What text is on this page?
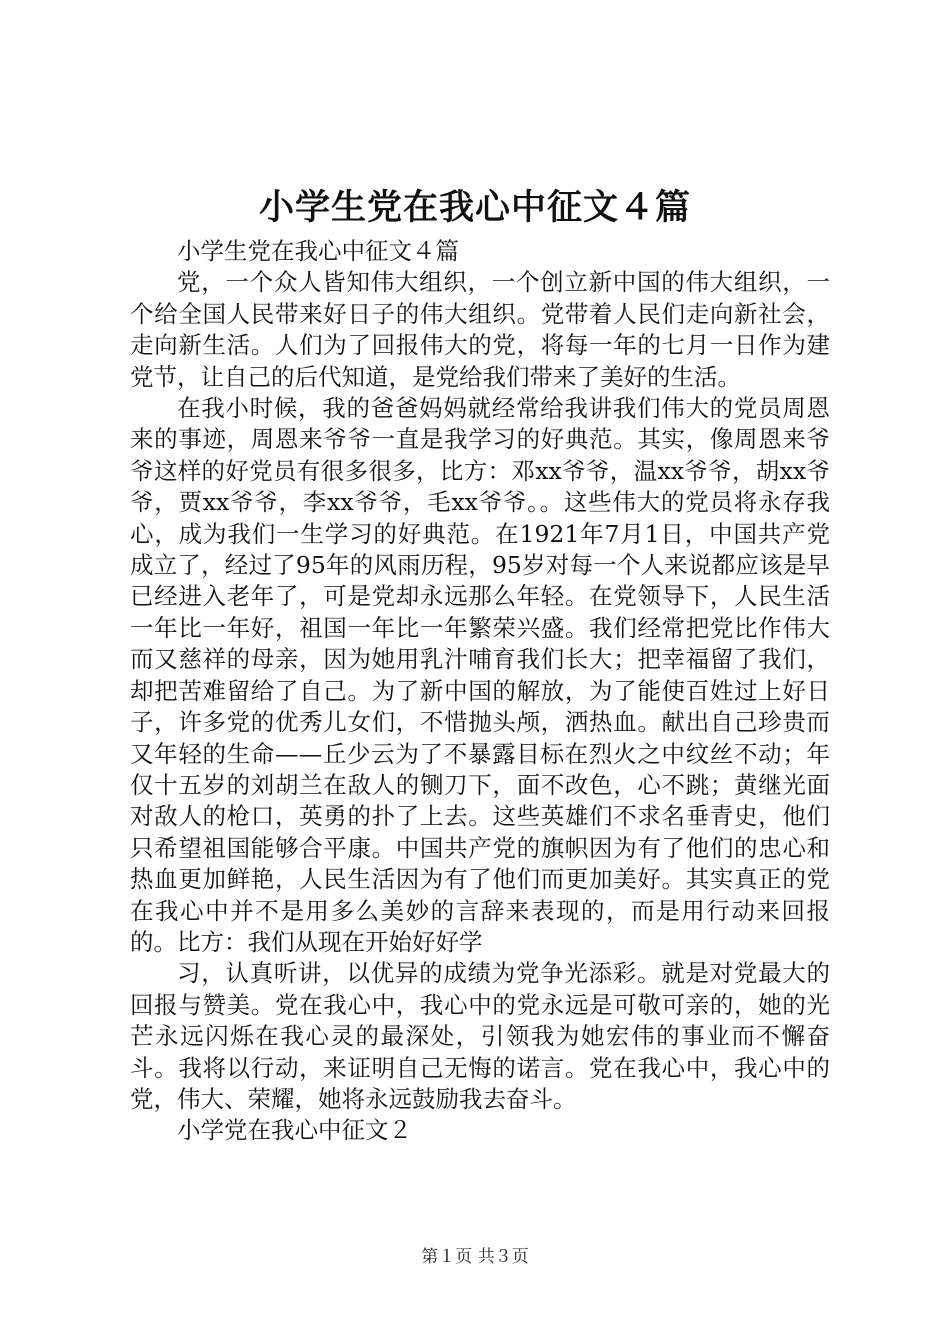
小学生党在我心中征文４篇

小学生党在我心中征文４篇

党，一个众人皆知伟大组织，一个创立新中国的伟大组织，一个给全国人民带来好日子的伟大组织。党带着人民们走向新社会，走向新生活。人们为了回报伟大的党，将每一年的七月一日作为建党节，让自己的后代知道，是党给我们带来了美好的生活。

在我小时候，我的爸爸妈妈就经常给我讲我们伟大的党员周恩来的事迹，周恩来爷爷一直是我学习的好典范。其实，像周恩来爷爷这样的好党员有很多很多，比方：邓xx爷爷，温xx爷爷，胡xx爷爷，贾xx爷爷，李xx爷爷，毛xx爷爷。。这些伟大的党员将永存我心，成为我们一生学习的好典范。在1921年7月1日，中国共产党成立了，经过了95年的风雨历程，95岁对每一个人来说都应该是早已经进入老年了，可是党却永远那么年轻。在党领导下，人民生活一年比一年好，祖国一年比一年繁荣兴盛。我们经常把党比作伟大而又慈祥的母亲，因为她用乳汁哺育我们长大；把幸福留了我们，却把苦难留给了自己。为了新中国的解放，为了能使百姓过上好日子，许多党的优秀儿女们，不惜抛头颅，洒热血。献出自己珍贵而又年轻的生命——丘少云为了不暴露目标在烈火之中纹丝不动；年仅十五岁的刘胡兰在敌人的铡刀下，面不改色，心不跳；黄继光面对敌人的枪口，英勇的扑了上去。这些英雄们不求名垂青史，他们只希望祖国能够合平康。中国共产党的旗帜因为有了他们的忠心和热血更加鲜艳，人民生活因为有了他们而更加美好。其实真正的党在我心中并不是用多么美妙的言辞来表现的，而是用行动来回报的。比方：我们从现在开始好好学

习，认真听讲，以优异的成绩为党争光添彩。就是对党最大的回报与赞美。党在我心中，我心中的党永远是可敬可亲的，她的光芒永远闪烁在我心灵的最深处，引领我为她宏伟的事业而不懈奋斗。我将以行动，来证明自己无悔的诺言。党在我心中，我心中的党，伟大、荣耀，她将永远鼓励我去奋斗。

小学党在我心中征文２

第１页 共３页
